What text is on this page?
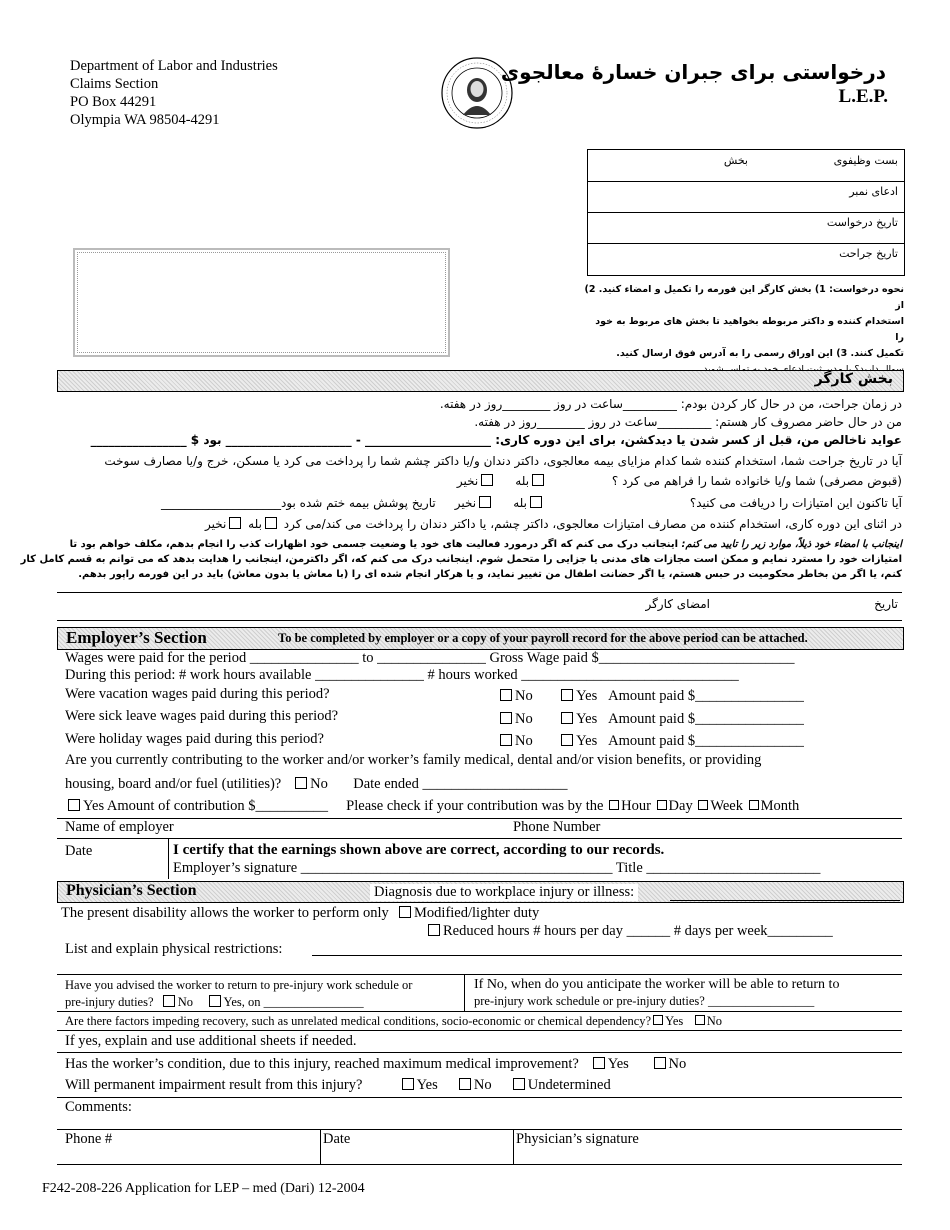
Department of Labor and Industries
Claims Section
PO Box 44291
Olympia WA 98504-4291
درخواستی برای جبران خسارهٔ معالجوی
L.E.P.
بست وظیفوی
بخش
ادعای نمبر
تاریخ درخواست
تاریخ جراحت
نحوه درخواست: 1) بخش کارگر این فورمه را تکمیل و امضاء کنید. 2) از
استخدام کننده و داکتر مربوطه بخواهید تا بخش های مربوط به خود را
تکمیل کنند. 3) این اوراق رسمی را به آدرس فوق ارسال کنید.
بخش کارگر
در زمان جراحت، من در حال کار کردن بودم: _________ساعت در روز ________روز در هفته.
من در حال حاضر مصروف کار هستم: _________ساعت در روز ________روز در هفته.
عواید ناخالص من، قبل از کسر شدن یا دیدکشن، برای این دوره کاری: _____________________ - _____________________ بود $ ________________
آیا در تاریخ جراحت شما، استخدام کننده شما کدام مزایای بیمه معالجوی، داکتر دندان و/یا داکتر چشم شما را پرداخت می کرد یا مسکن، خرج و/یا مصارف سوخت
(قبوض مصرفی) شما و/یا خانواده شما را فراهم می کرد ؟                 بله     نخیر
آیا تاکنون این امتیازات را دریافت می کنید؟                                      بله     نخیر     تاریخ پوشش بیمه ختم شده بود____________________
در اثنای این دوره کاری، استخدام کننده من مصارف امتیازات معالجوی، داکتر چشم، یا داکتر دندان را پرداخت می کند/می کرد بله نخیر
اینجانب با امضاء خود ذیلاً، موارد زیر را تایید می کنم: اینجانب درک می کنم که اگر درمورد فعالیت های خود یا وضعیت جسمی خود اظهارات کذب را انجام بدهم، مکلف خواهم بود تا
امتیازات خود را مسترد نمایم و ممکن است مجازات های مدنی یا جزایی را متحمل شوم. اینجانب درک می کنم که، اگر داکترمن، اینجانب را هدایت بدهد که می توانم به قسم کامل کار
کنم، یا اگر من بخاطر محکومیت در حبس هستم، یا اگر حضانت اطفال من تغییر نماید، و یا هرکار انجام شده ای را (با معاش یا بدون معاش) باید در این فورمه راپور بدهم.
تاریخ
امضای کارگر
Employer’s Section	To be completed by employer or a copy of your payroll record for the above period can be attached.
Wages were paid for the period _______________ to _______________ Gross Wage paid $___________________________
During this period: # work hours available _______________ # hours worked ______________________________
Were vacation wages paid during this period?	No	Yes Amount paid $_______________
Were sick leave wages paid during this period?	No	Yes Amount paid $_______________
Were holiday wages paid during this period?	No	Yes Amount paid $_______________
Are you currently contributing to the worker and/or worker’s family medical, dental and/or vision benefits, or providing
housing, board and/or fuel (utilities)? No Date ended ____________________
Yes Amount of contribution $__________ Please check if your contribution was by the Hour Day Week Month
Name of employer	Phone Number
Date	I certify that the earnings shown above are correct, according to our records.
Employer’s signature ___________________________________________ Title ________________________
Physician’s Section	Diagnosis due to workplace injury or illness:
The present disability allows the worker to perform only Modified/lighter duty
Reduced hours # hours per day ______ # days per week_________
List and explain physical restrictions:
Have you advised the worker to return to pre-injury work schedule or
pre-injury duties? No Yes, on ________________
If No, when do you anticipate the worker will be able to return to
pre-injury work schedule or pre-injury duties? _________________
Are there factors impeding recovery, such as unrelated medical conditions, socio-economic or chemical dependency? Yes No
If yes, explain and use additional sheets if needed.
Has the worker’s condition, due to this injury, reached maximum medical improvement? Yes	No
Will permanent impairment result from this injury?	Yes No Undetermined
Comments:
Phone #	Date	Physician’s signature
F242-208-226 Application for LEP – med (Dari) 12-2004
